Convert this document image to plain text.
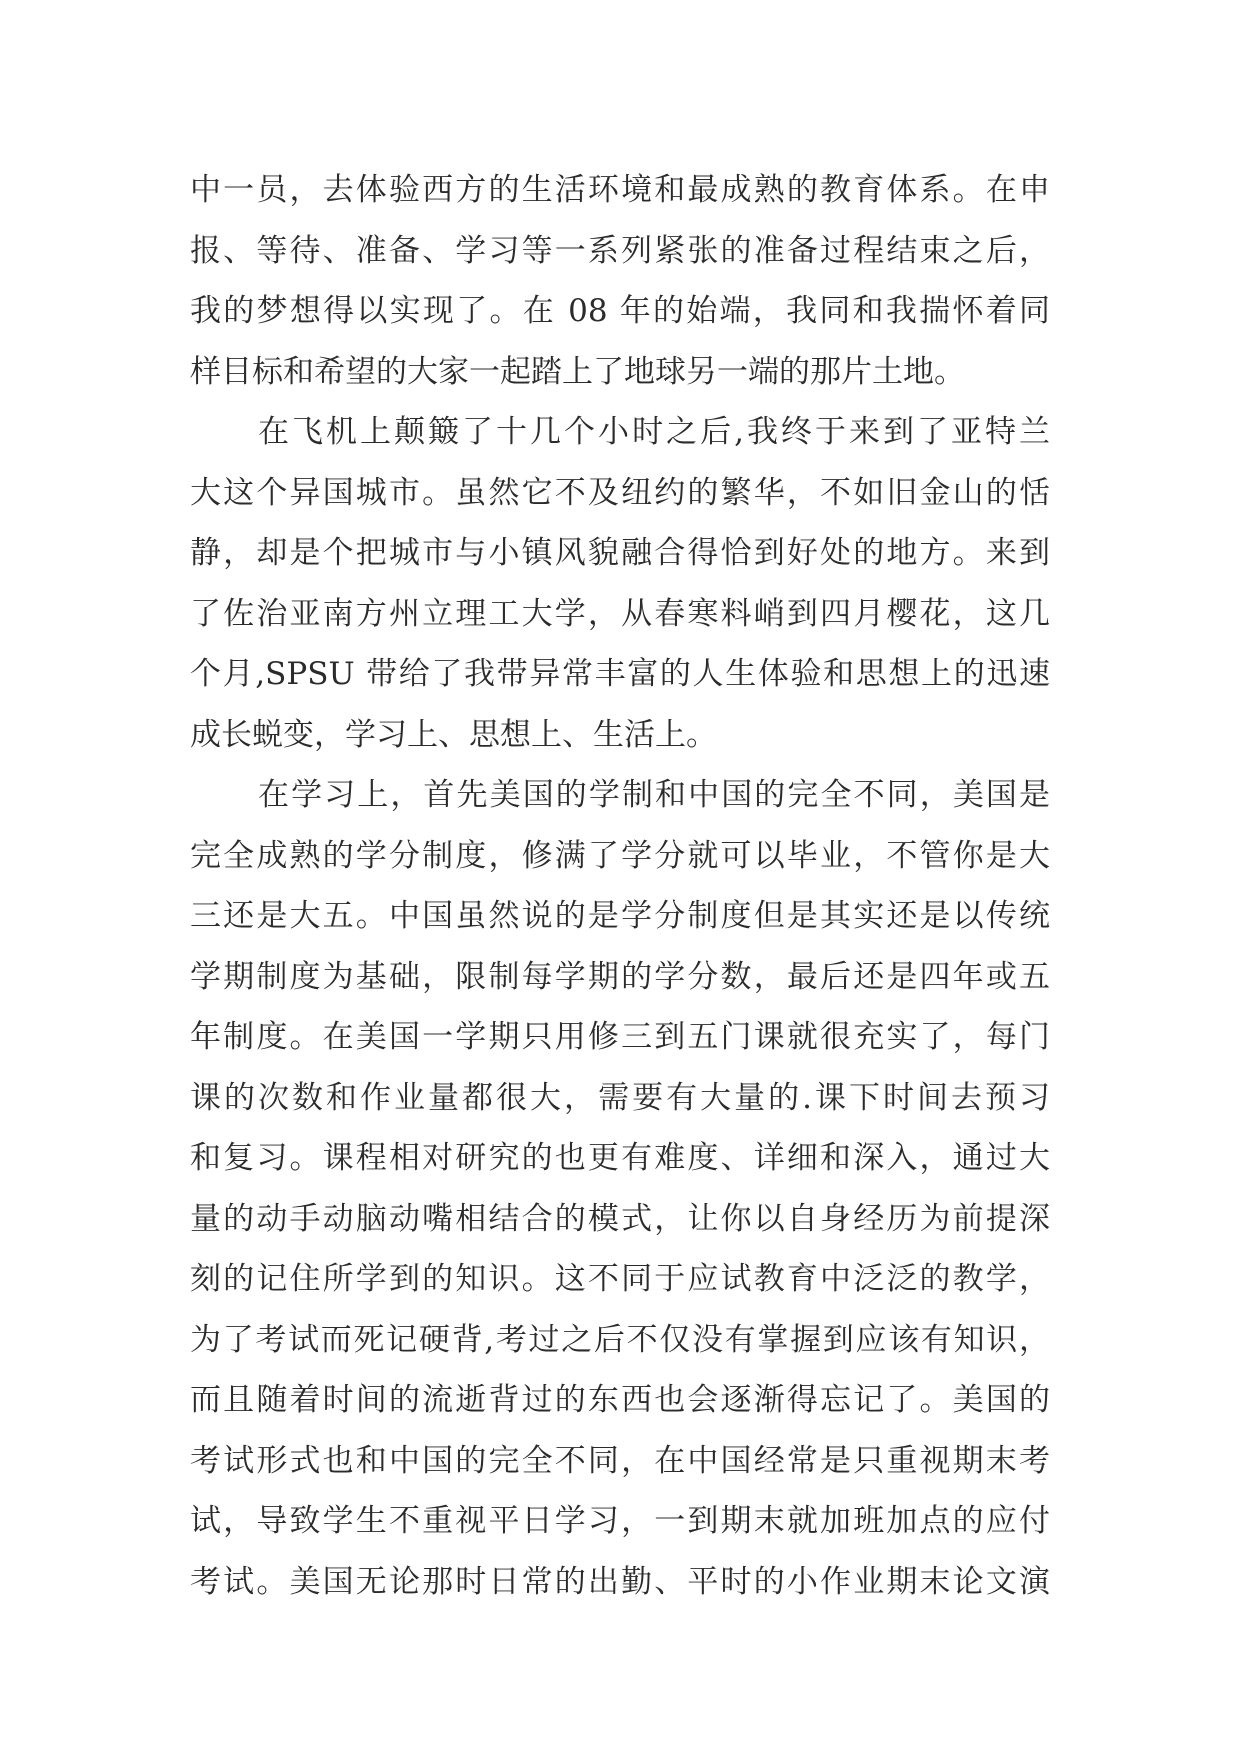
中一员，去体验西方的生活环境和最成熟的教育体系。在申
报、等待、准备、学习等一系列紧张的准备过程结束之后，
我的梦想得以实现了。在 08 年的始端，我同和我揣怀着同
样目标和希望的大家一起踏上了地球另一端的那片土地。
在飞机上颠簸了十几个小时之后,我终于来到了亚特兰
大这个异国城市。虽然它不及纽约的繁华，不如旧金山的恬
静，却是个把城市与小镇风貌融合得恰到好处的地方。来到
了佐治亚南方州立理工大学，从春寒料峭到四月樱花，这几
个月,SPSU 带给了我带异常丰富的人生体验和思想上的迅速
成长蜕变，学习上、思想上、生活上。
在学习上，首先美国的学制和中国的完全不同，美国是
完全成熟的学分制度，修满了学分就可以毕业，不管你是大
三还是大五。中国虽然说的是学分制度但是其实还是以传统
学期制度为基础，限制每学期的学分数，最后还是四年或五
年制度。在美国一学期只用修三到五门课就很充实了，每门
课的次数和作业量都很大，需要有大量的.课下时间去预习
和复习。课程相对研究的也更有难度、详细和深入，通过大
量的动手动脑动嘴相结合的模式，让你以自身经历为前提深
刻的记住所学到的知识。这不同于应试教育中泛泛的教学，
为了考试而死记硬背,考过之后不仅没有掌握到应该有知识，
而且随着时间的流逝背过的东西也会逐渐得忘记了。美国的
考试形式也和中国的完全不同，在中国经常是只重视期末考
试，导致学生不重视平日学习，一到期末就加班加点的应付
考试。美国无论那时日常的出勤、平时的小作业期末论文演
